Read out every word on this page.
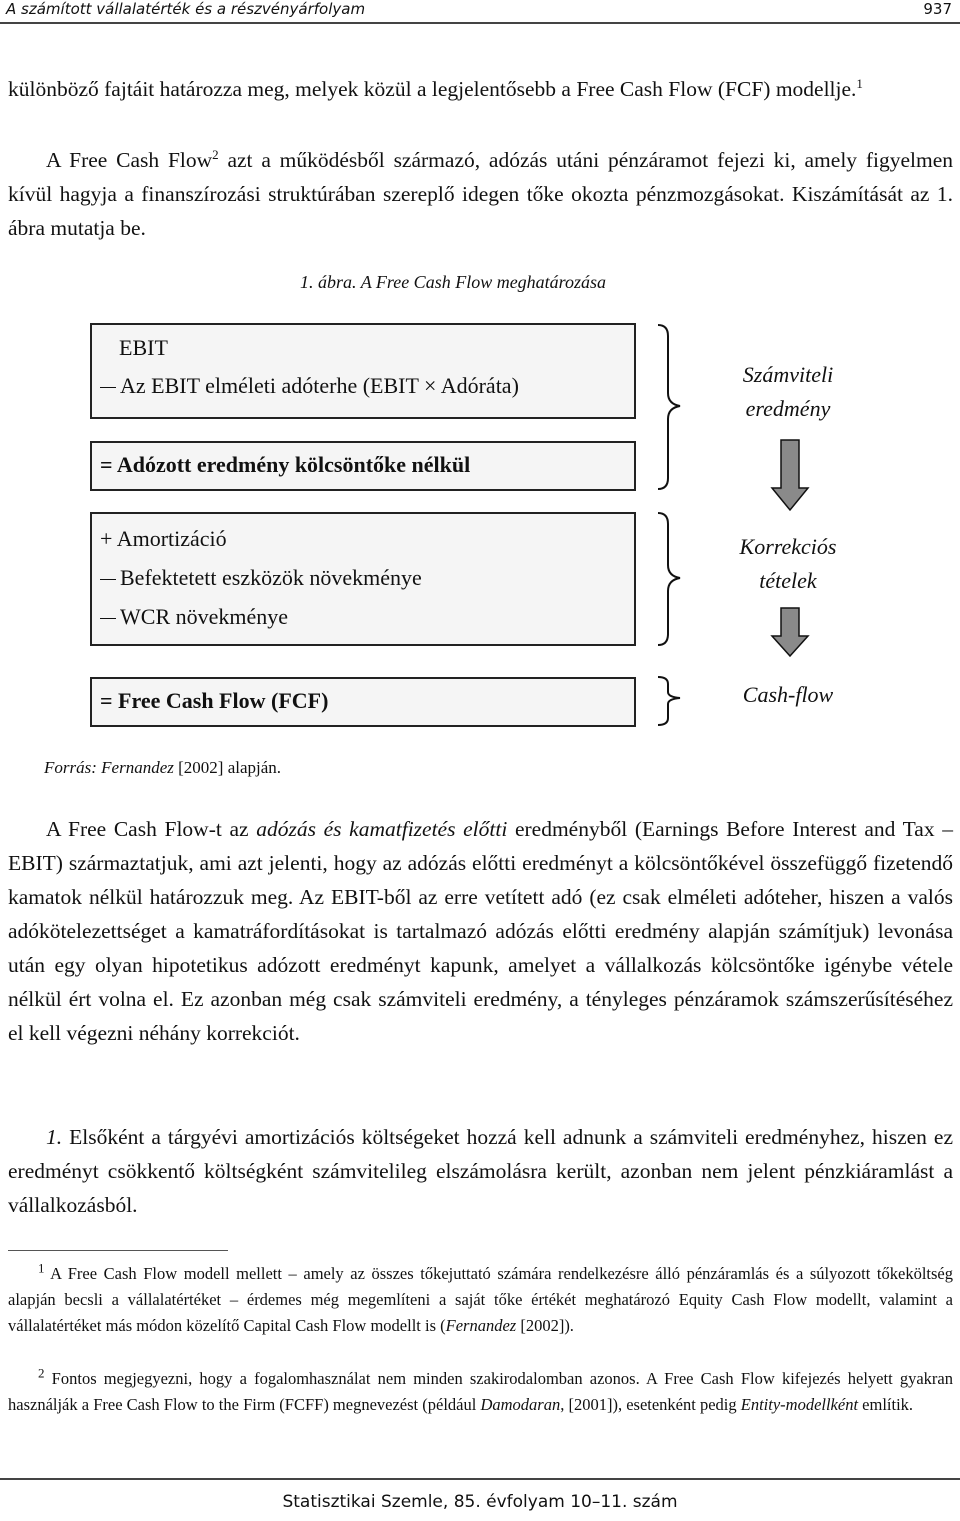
A számított vállalatérték és a részvényárfolyam	937

különböző fajtáit határozza meg, melyek közül a legjelentősebb a Free Cash Flow (FCF) modellje.$^1$

A Free Cash Flow$^2$ azt a működésből származó, adózás utáni pénzáramot fejezi ki, amely figyelmen kívül hagyja a finanszírozási struktúrában szereplő idegen tőke okozta pénzmozgásokat. Kiszámítását az 1. ábra mutatja be.

1. ábra. A Free Cash Flow meghatározása
EBIT
Az EBIT elméleti adóterhe (EBIT × Adóráta)
= Adózott eredmény kölcsöntőke nélkül
+ Amortizáció
Befektetett eszközök növekménye
WCR növekménye
= Free Cash Flow (FCF)
Számviteli
eredmény
Korrekciós
tételek
Cash-flow
Forrás: Fernandez [2002] alapján.

A Free Cash Flow-t az adózás és kamatfizetés előtti eredményből (Earnings Before Interest and Tax – EBIT) származtatjuk, ami azt jelenti, hogy az adózás előtti eredményt a kölcsöntőkével összefüggő fizetendő kamatok nélkül határozzuk meg. Az EBIT-ből az erre vetített adó (ez csak elméleti adóteher, hiszen a valós adókötelezettséget a kamatráfordításokat is tartalmazó adózás előtti eredmény alapján számítjuk) levonása után egy olyan hipotetikus adózott eredményt kapunk, amelyet a vállalkozás kölcsöntőke igénybe vétele nélkül ért volna el. Ez azonban még csak számviteli eredmény, a tényleges pénzáramok számszerűsítéséhez el kell végezni néhány korrekciót.

1. Elsőként a tárgyévi amortizációs költségeket hozzá kell adnunk a számviteli eredményhez, hiszen ez eredményt csökkentő költségként számvitelileg elszámolásra került, azonban nem jelent pénzkiáramlást a vállalkozásból.

$^1$ A Free Cash Flow modell mellett – amely az összes tőkejuttató számára rendelkezésre álló pénzáramlás és a súlyozott tőkeköltség alapján becsli a vállalatértéket – érdemes még megemlíteni a saját tőke értékét meghatározó Equity Cash Flow modellt, valamint a vállalatértéket más módon közelítő Capital Cash Flow modellt is (Fernandez [2002]).

$^2$ Fontos megjegyezni, hogy a fogalomhasználat nem minden szakirodalomban azonos. A Free Cash Flow kifejezés helyett gyakran használják a Free Cash Flow to the Firm (FCFF) megnevezést (például Damodaran, [2001]), esetenként pedig Entity-modellként említik.

Statisztikai Szemle, 85. évfolyam 10–11. szám
